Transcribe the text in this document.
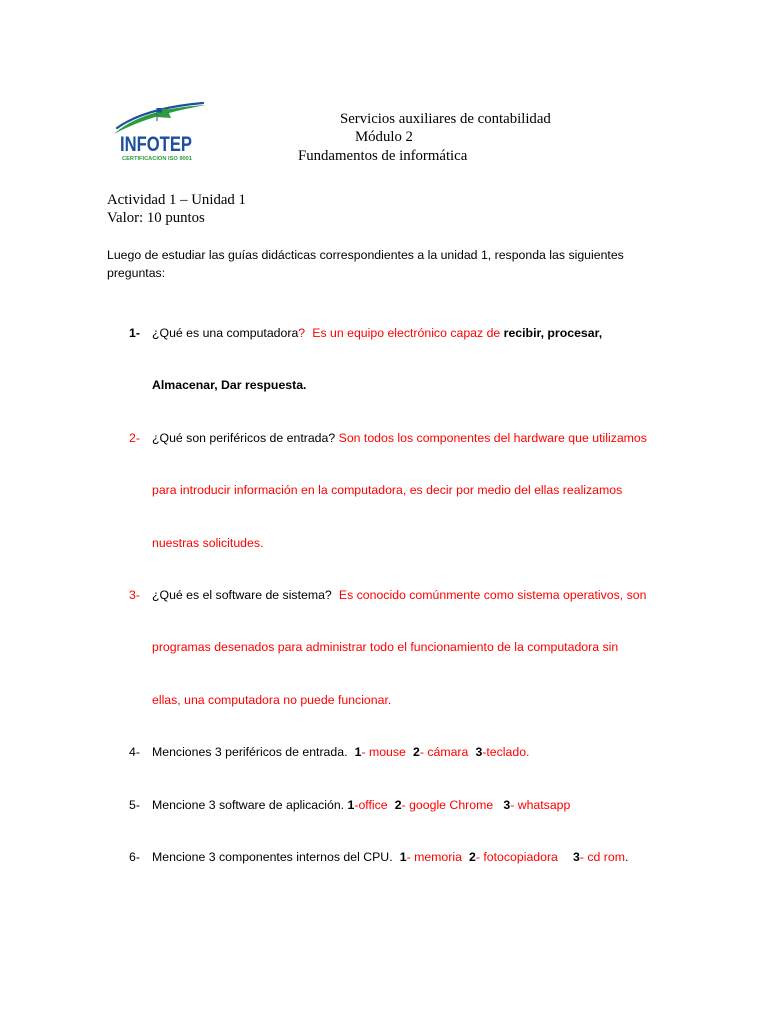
INFOTEP
CERTIFICACION ISO 9001
Servicios auxiliares de contabilidad
Módulo 2
Fundamentos de informática
Actividad 1 – Unidad 1
Valor: 10 puntos
Luego de estudiar las guías didácticas correspondientes a la unidad 1, responda las siguientes
preguntas:
1- ¿Qué es una computadora? Es un equipo electrónico capaz de recibir, procesar,
Almacenar, Dar respuesta.
2- ¿Qué son periféricos de entrada? Son todos los componentes del hardware que utilizamos
para introducir información en la computadora, es decir por medio del ellas realizamos
nuestras solicitudes.
3- ¿Qué es el software de sistema? Es conocido comúnmente como sistema operativos, son
programas desenados para administrar todo el funcionamiento de la computadora sin
ellas, una computadora no puede funcionar.
4- Menciones 3 periféricos de entrada. 1- mouse 2- cámara 3-teclado.
5- Mencione 3 software de aplicación. 1-office 2- google Chrome 3- whatsapp
6- Mencione 3 componentes internos del CPU. 1- memoria 2- fotocopiadora 3- cd rom.
